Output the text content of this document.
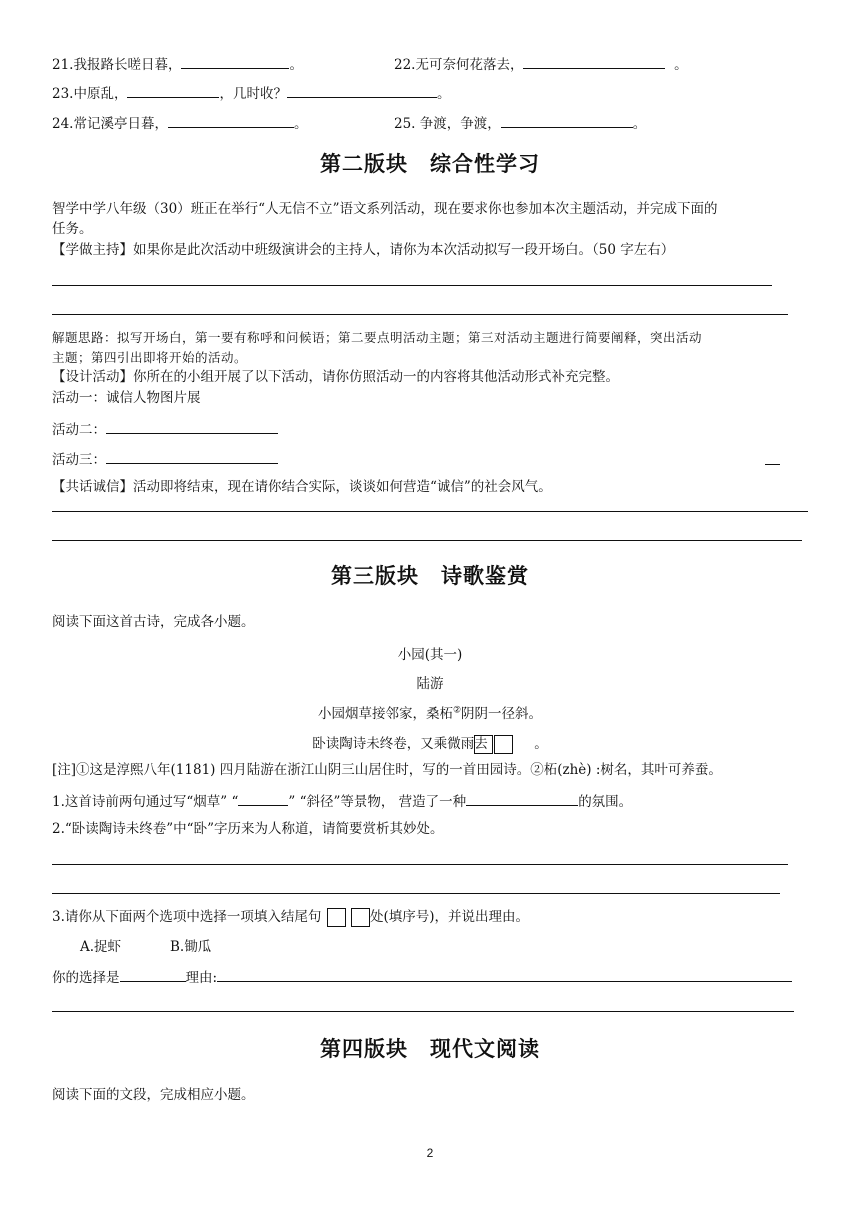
21.我报路长嗟日暮，	。	22.无可奈何花落去，	。
23.中原乱，	，几时收？	。
24.常记溪亭日暮，	。	25. 争渡，争渡，	。
第二版块 综合性学习
智学中学八年级（30）班正在举行“人无信不立”语文系列活动，现在要求你也参加本次主题活动，并完成下面的
任务。
【学做主持】如果你是此次活动中班级演讲会的主持人，请你为本次活动拟写一段开场白。（50 字左右）
解题思路：拟写开场白，第一要有称呼和问候语；第二要点明活动主题；第三对活动主题进行简要阐释，突出活动
主题；第四引出即将开始的活动。
【设计活动】你所在的小组开展了以下活动，请你仿照活动一的内容将其他活动形式补充完整。
活动一：诚信人物图片展
活动二：
活动三：
【共话诚信】活动即将结束，现在请你结合实际，谈谈如何营造“诚信”的社会风气。
第三版块 诗歌鉴赏
阅读下面这首古诗，完成各小题。
小园(其一)
陆游
小园烟草接邻家，桑柘②阴阴一径斜。
卧读陶诗未终卷，又乘微雨去	。
[注]①这是淳熙八年(1181) 四月陆游在浙江山阴三山居住时，写的一首田园诗。②柘(zhè) :树名，其叶可养蚕。
1.这首诗前两句通过写“烟草” “	” “斜径”等景物， 营造了一种	的氛围。
2.“卧读陶诗未终卷”中“卧”字历来为人称道，请简要赏析其妙处。
3.请你从下面两个选项中选择一项填入结尾句	处(填序号)，并说出理由。
A.捉虾	B.锄瓜
你的选择是	理由:
第四版块 现代文阅读
阅读下面的文段，完成相应小题。
2
